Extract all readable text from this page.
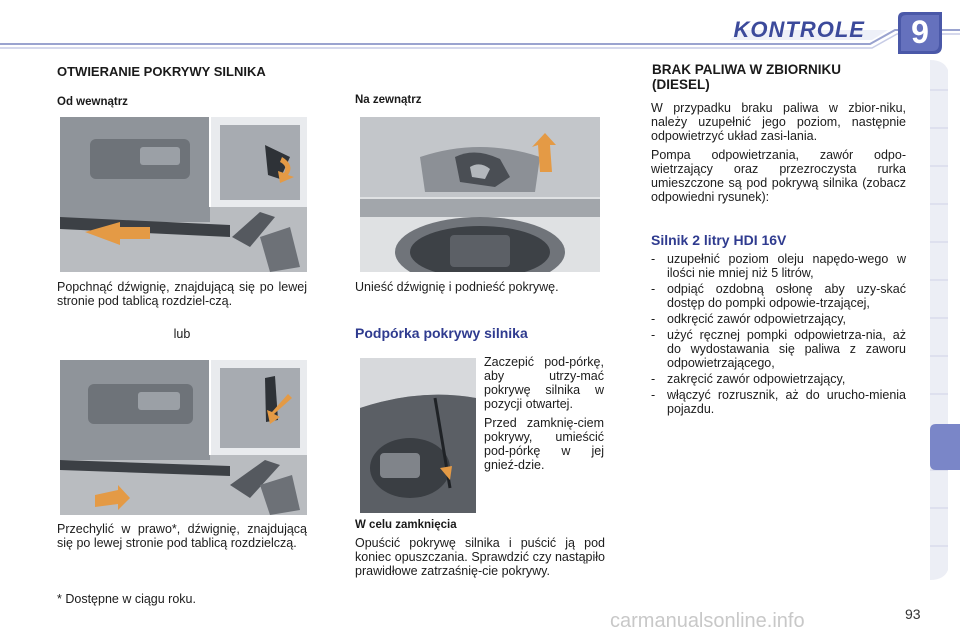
KONTROLE	9
OTWIERANIE POKRYWY SILNIKA
Od wewnątrz
Popchnąć dźwignię, znajdującą się po lewej stronie pod tablicą rozdziel-czą.
lub
Przechylić w prawo*, dźwignię, znajdującą się po lewej stronie pod tablicą rozdzielczą.
* Dostępne w ciągu roku.
Na zewnątrz
Unieść dźwignię i podnieść pokrywę.
Podpórka pokrywy silnika

Zaczepić pod-pórkę, aby utrzy-mać pokrywę silnika w pozycji otwartej.

Przed zamknię-ciem pokrywy, umieścić pod-pórkę w jej gnieź-dzie.

W celu zamknięcia
Opuścić pokrywę silnika i puścić ją pod koniec opuszczania. Sprawdzić czy nastąpiło prawidłowe zatrzaśnię-cie pokrywy.
BRAK PALIWA W ZBIORNIKU
(DIESEL)

W przypadku braku paliwa w zbior-niku, należy uzupełnić jego poziom, następnie odpowietrzyć układ zasi-lania.

Pompa odpowietrzania, zawór odpo-wietrzający oraz przezroczysta rurka umieszczone są pod pokrywą silnika (zobacz odpowiedni rysunek):

Silnik 2 litry HDI 16V
- uzupełnić poziom oleju napędo-wego w ilości nie mniej niż 5 litrów,
- odpiąć ozdobną osłonę aby uzy-skać dostęp do pompki odpowie-trzającej,
- odkręcić zawór odpowietrzający,
- użyć ręcznej pompki odpowietrza-nia, aż do wydostawania się paliwa z zaworu odpowietrzającego,
- zakręcić zawór odpowietrzający,
- włączyć rozrusznik, aż do urucho-mienia pojazdu.
carmanualsonline.info	93
